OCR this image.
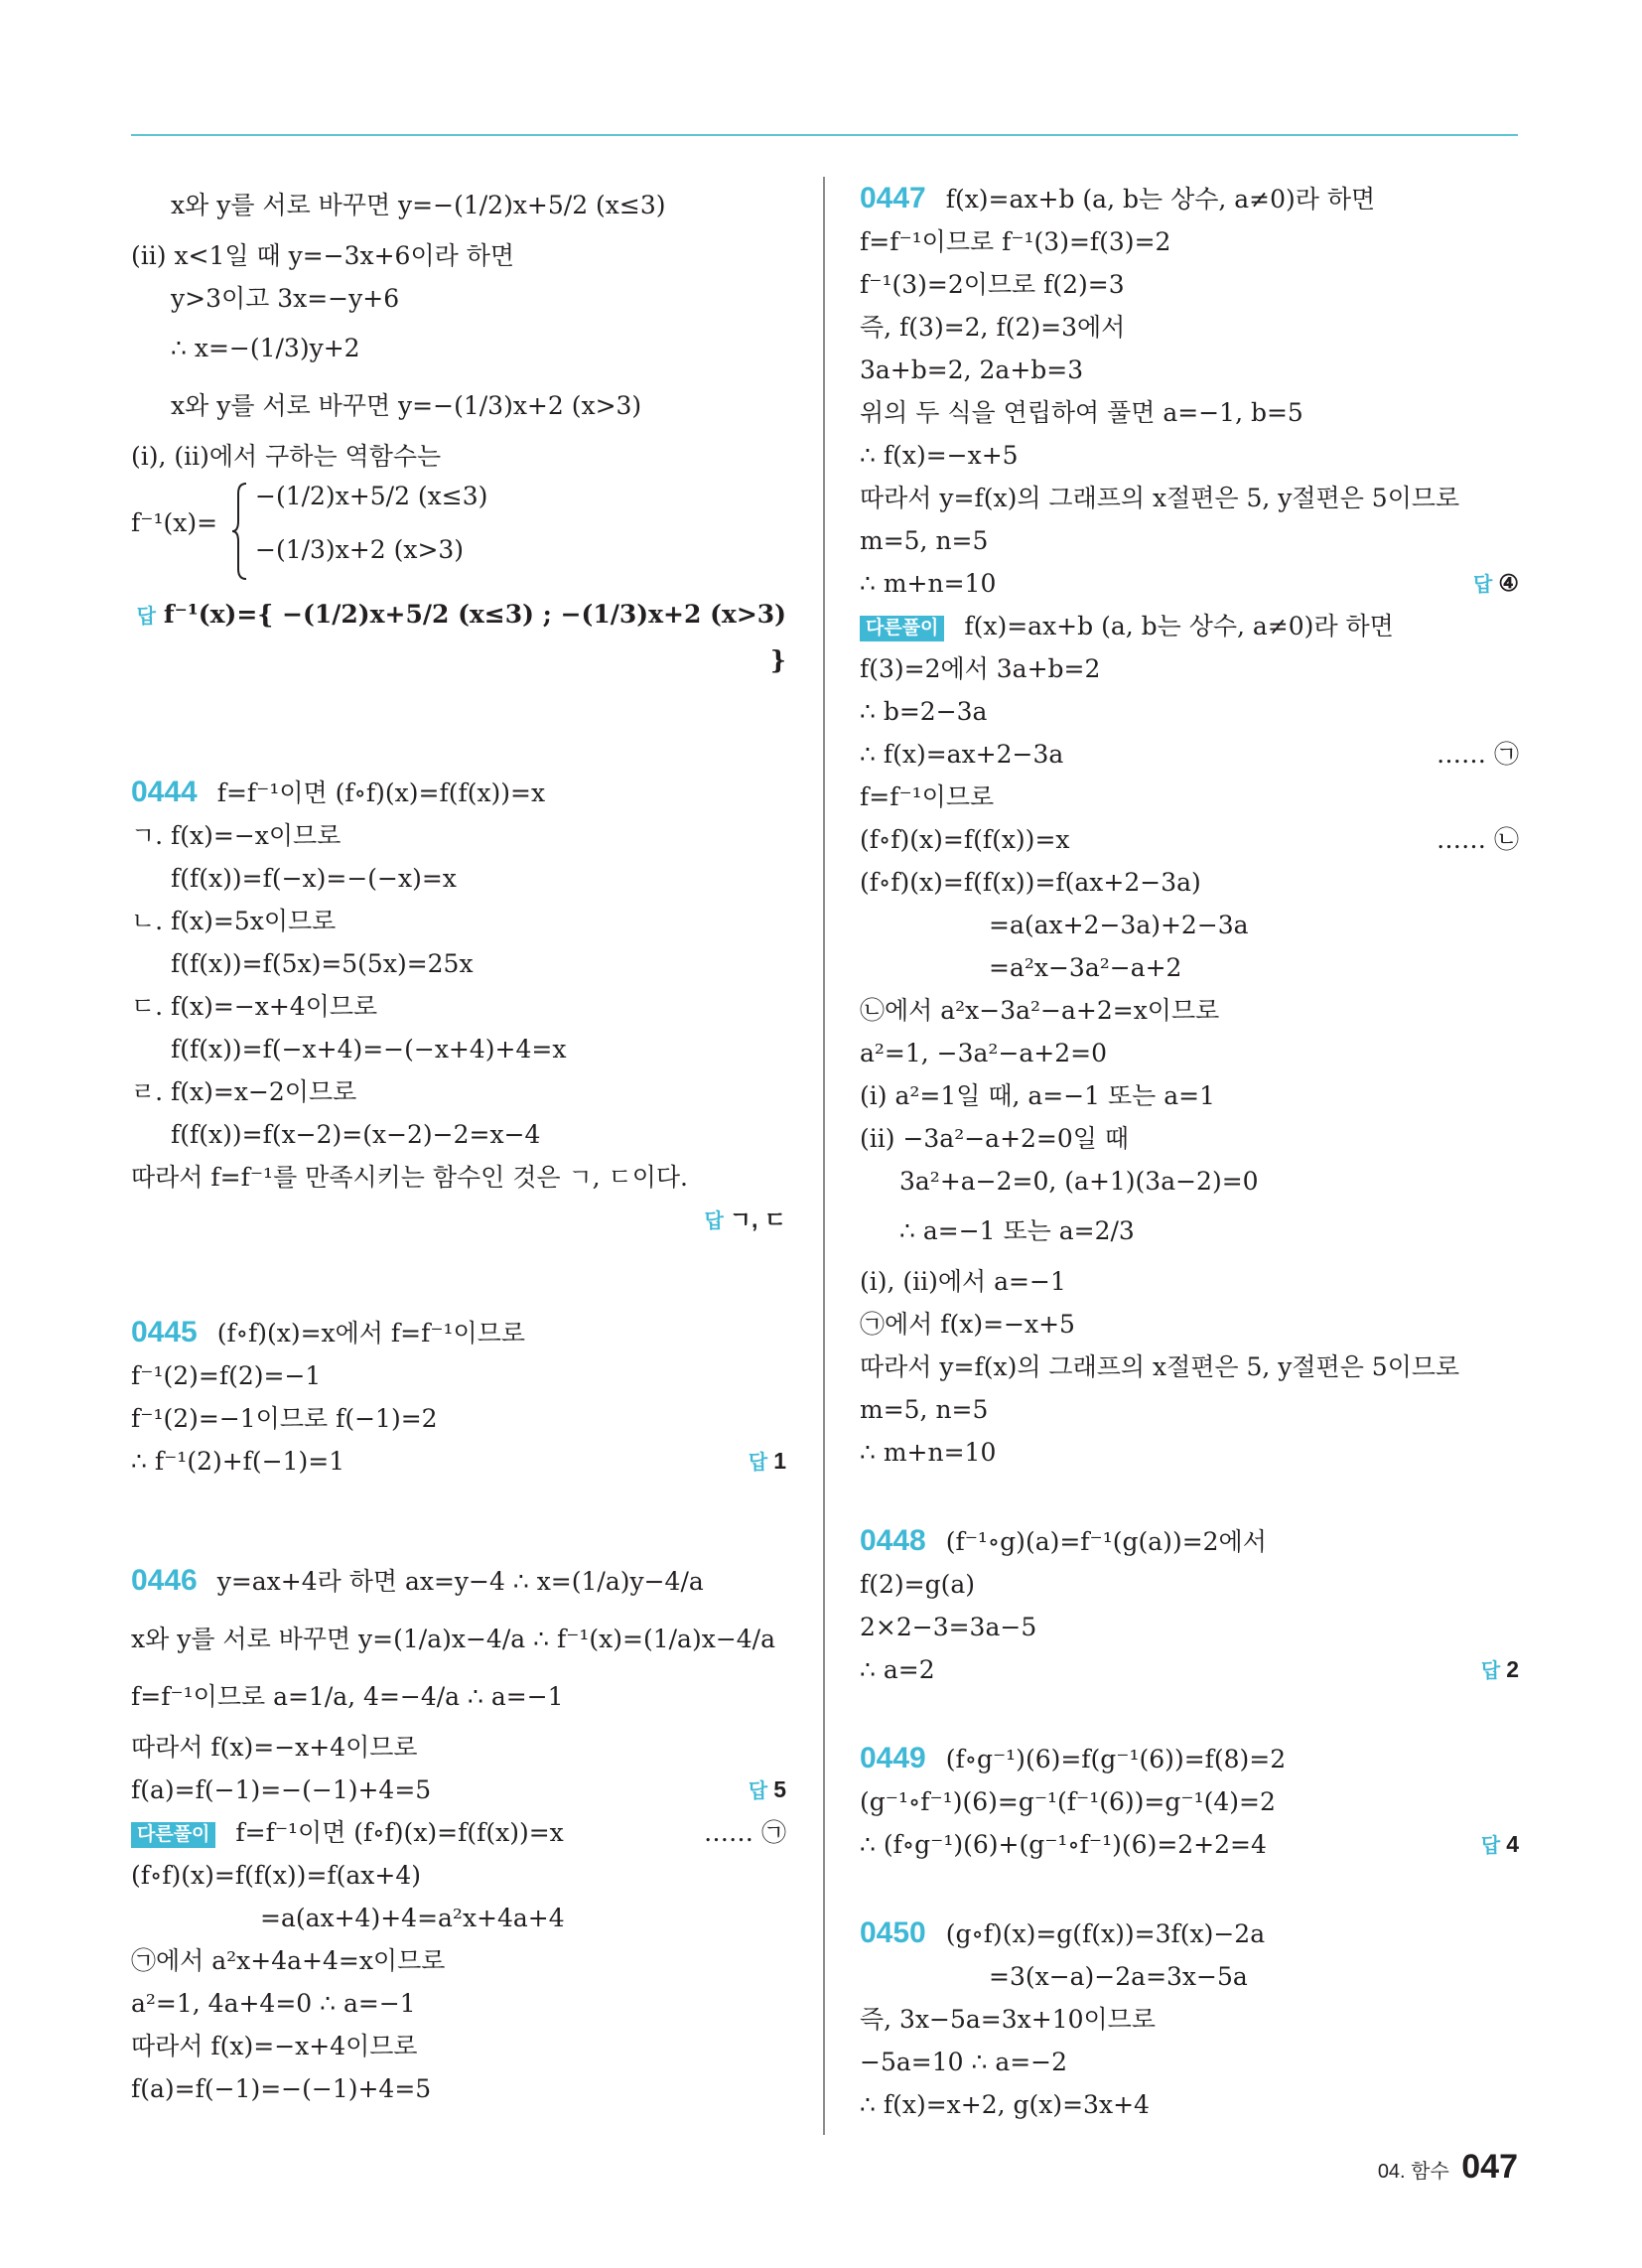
x와 y를 서로 바꾸면 y=−(1/2)x+5/2 (x≤3)
(ii) x<1일 때 y=−3x+6이라 하면
y>3이고 3x=−y+6
∴ x=−(1/3)y+2
x와 y를 서로 바꾸면 y=−(1/3)x+2 (x>3)
(i), (ii)에서 구하는 역함수는
f⁻¹(x)=
−(1/2)x+5/2 (x≤3)
−(1/3)x+2 (x>3)
답 f⁻¹(x)={ −(1/2)x+5/2 (x≤3) ; −(1/3)x+2 (x>3) }
0444 f=f⁻¹이면 (f∘f)(x)=f(f(x))=x
ㄱ. f(x)=−x이므로
f(f(x))=f(−x)=−(−x)=x
ㄴ. f(x)=5x이므로
f(f(x))=f(5x)=5(5x)=25x
ㄷ. f(x)=−x+4이므로
f(f(x))=f(−x+4)=−(−x+4)+4=x
ㄹ. f(x)=x−2이므로
f(f(x))=f(x−2)=(x−2)−2=x−4
따라서 f=f⁻¹를 만족시키는 함수인 것은 ㄱ, ㄷ이다.

답 ㄱ, ㄷ
0445 (f∘f)(x)=x에서 f=f⁻¹이므로
f⁻¹(2)=f(2)=−1
f⁻¹(2)=−1이므로 f(−1)=2
∴ f⁻¹(2)+f(−1)=1	답 1
0446 y=ax+4라 하면 ax=y−4 ∴ x=(1/a)y−4/a
x와 y를 서로 바꾸면 y=(1/a)x−4/a ∴ f⁻¹(x)=(1/a)x−4/a
f=f⁻¹이므로 a=1/a, 4=−4/a ∴ a=−1
따라서 f(x)=−x+4이므로
f(a)=f(−1)=−(−1)+4=5	답 5
다른풀이 f=f⁻¹이면 (f∘f)(x)=f(f(x))=x	…… ㉠
(f∘f)(x)=f(f(x))=f(ax+4)
=a(ax+4)+4=a²x+4a+4
㉠에서 a²x+4a+4=x이므로
a²=1, 4a+4=0 ∴ a=−1
따라서 f(x)=−x+4이므로
f(a)=f(−1)=−(−1)+4=5
0447 f(x)=ax+b (a, b는 상수, a≠0)라 하면
f=f⁻¹이므로 f⁻¹(3)=f(3)=2
f⁻¹(3)=2이므로 f(2)=3
즉, f(3)=2, f(2)=3에서
3a+b=2, 2a+b=3
위의 두 식을 연립하여 풀면 a=−1, b=5
∴ f(x)=−x+5
따라서 y=f(x)의 그래프의 x절편은 5, y절편은 5이므로
m=5, n=5
∴ m+n=10	답 ④
다른풀이 f(x)=ax+b (a, b는 상수, a≠0)라 하면
f(3)=2에서 3a+b=2
∴ b=2−3a
∴ f(x)=ax+2−3a	…… ㉠
f=f⁻¹이므로
(f∘f)(x)=f(f(x))=x	…… ㉡
(f∘f)(x)=f(f(x))=f(ax+2−3a)
=a(ax+2−3a)+2−3a
=a²x−3a²−a+2
㉡에서 a²x−3a²−a+2=x이므로
a²=1, −3a²−a+2=0
(i) a²=1일 때, a=−1 또는 a=1
(ii) −3a²−a+2=0일 때
3a²+a−2=0, (a+1)(3a−2)=0
∴ a=−1 또는 a=2/3
(i), (ii)에서 a=−1
㉠에서 f(x)=−x+5
따라서 y=f(x)의 그래프의 x절편은 5, y절편은 5이므로
m=5, n=5
∴ m+n=10
0448 (f⁻¹∘g)(a)=f⁻¹(g(a))=2에서
f(2)=g(a)
2×2−3=3a−5
∴ a=2	답 2
0449 (f∘g⁻¹)(6)=f(g⁻¹(6))=f(8)=2
(g⁻¹∘f⁻¹)(6)=g⁻¹(f⁻¹(6))=g⁻¹(4)=2
∴ (f∘g⁻¹)(6)+(g⁻¹∘f⁻¹)(6)=2+2=4	답 4
0450 (g∘f)(x)=g(f(x))=3f(x)−2a
=3(x−a)−2a=3x−5a
즉, 3x−5a=3x+10이므로
−5a=10 ∴ a=−2
∴ f(x)=x+2, g(x)=3x+4
04. 함수 047
